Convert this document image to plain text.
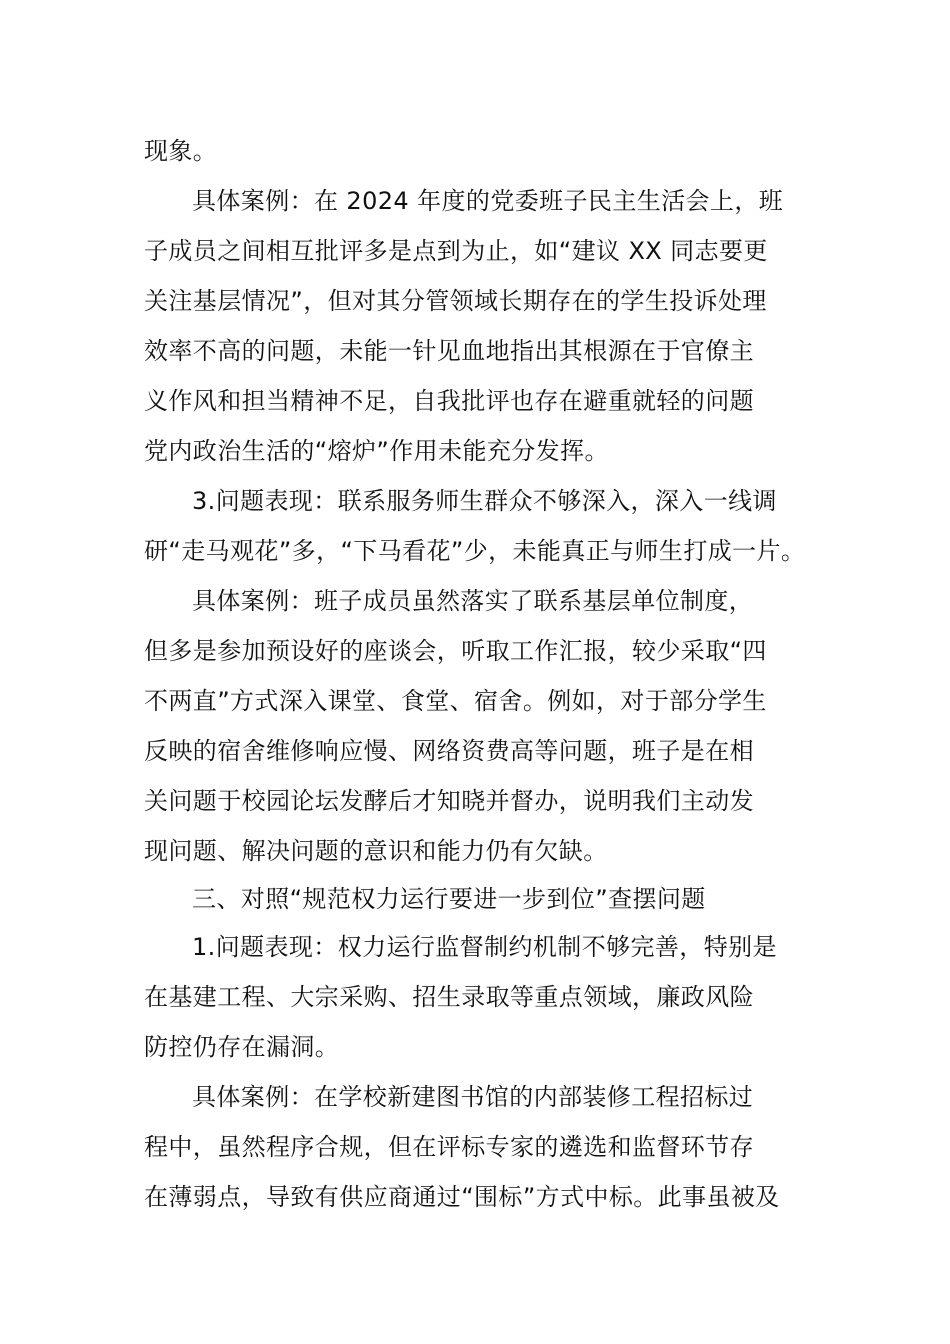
现象。
具体案例：在 2024 年度的党委班子民主生活会上，班
子成员之间相互批评多是点到为止，如“建议 XX 同志要更
关注基层情况”，但对其分管领域长期存在的学生投诉处理
效率不高的问题，未能一针见血地指出其根源在于官僚主
义作风和担当精神不足，自我批评也存在避重就轻的问题
党内政治生活的“熔炉”作用未能充分发挥。
3.问题表现：联系服务师生群众不够深入，深入一线调
研“走马观花”多，“下马看花”少，未能真正与师生打成一片。
具体案例：班子成员虽然落实了联系基层单位制度，
但多是参加预设好的座谈会，听取工作汇报，较少采取“四
不两直”方式深入课堂、食堂、宿舍。例如，对于部分学生
反映的宿舍维修响应慢、网络资费高等问题，班子是在相
关问题于校园论坛发酵后才知晓并督办，说明我们主动发
现问题、解决问题的意识和能力仍有欠缺。
三、对照“规范权力运行要进一步到位”查摆问题
1.问题表现：权力运行监督制约机制不够完善，特别是
在基建工程、大宗采购、招生录取等重点领域，廉政风险
防控仍存在漏洞。
具体案例：在学校新建图书馆的内部装修工程招标过
程中，虽然程序合规，但在评标专家的遴选和监督环节存
在薄弱点，导致有供应商通过“围标”方式中标。此事虽被及
